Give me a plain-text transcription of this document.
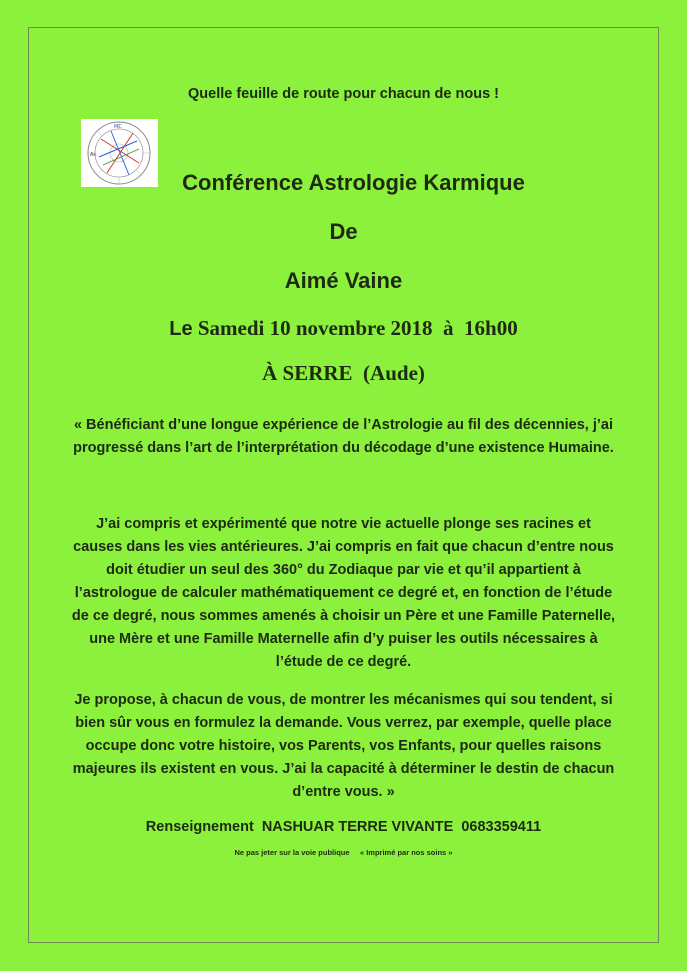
Quelle feuille de route pour chacun de nous !
MC
As
Conférence Astrologie Karmique
De
Aimé Vaine
Le Samedi 10 novembre 2018  à  16h00
À SERRE  (Aude)
« Bénéficiant d’une longue expérience de l’Astrologie au fil des décennies, j’ai progressé dans l’art de l’interprétation du décodage d’une existence Humaine.
J’ai compris et expérimenté que notre vie actuelle plonge ses racines et causes dans les vies antérieures. J’ai compris en fait que chacun d’entre nous doit étudier un seul des 360° du Zodiaque par vie et qu’il appartient à l’astrologue de calculer mathématiquement ce degré et, en fonction de l’étude de ce degré, nous sommes amenés à choisir un Père et une Famille Paternelle, une Mère et une Famille Maternelle afin d’y puiser les outils nécessaires à l’étude de ce degré.
Je propose, à chacun de vous, de montrer les mécanismes qui sou tendent, si bien sûr vous en formulez la demande. Vous verrez, par exemple, quelle place occupe donc votre histoire, vos Parents, vos Enfants, pour quelles raisons majeures ils existent en vous. J’ai la capacité à déterminer le destin de chacun d’entre vous. »
Renseignement  NASHUAR TERRE VIVANTE  0683359411
Ne pas jeter sur la voie publique     « Imprimé par nos soins »
